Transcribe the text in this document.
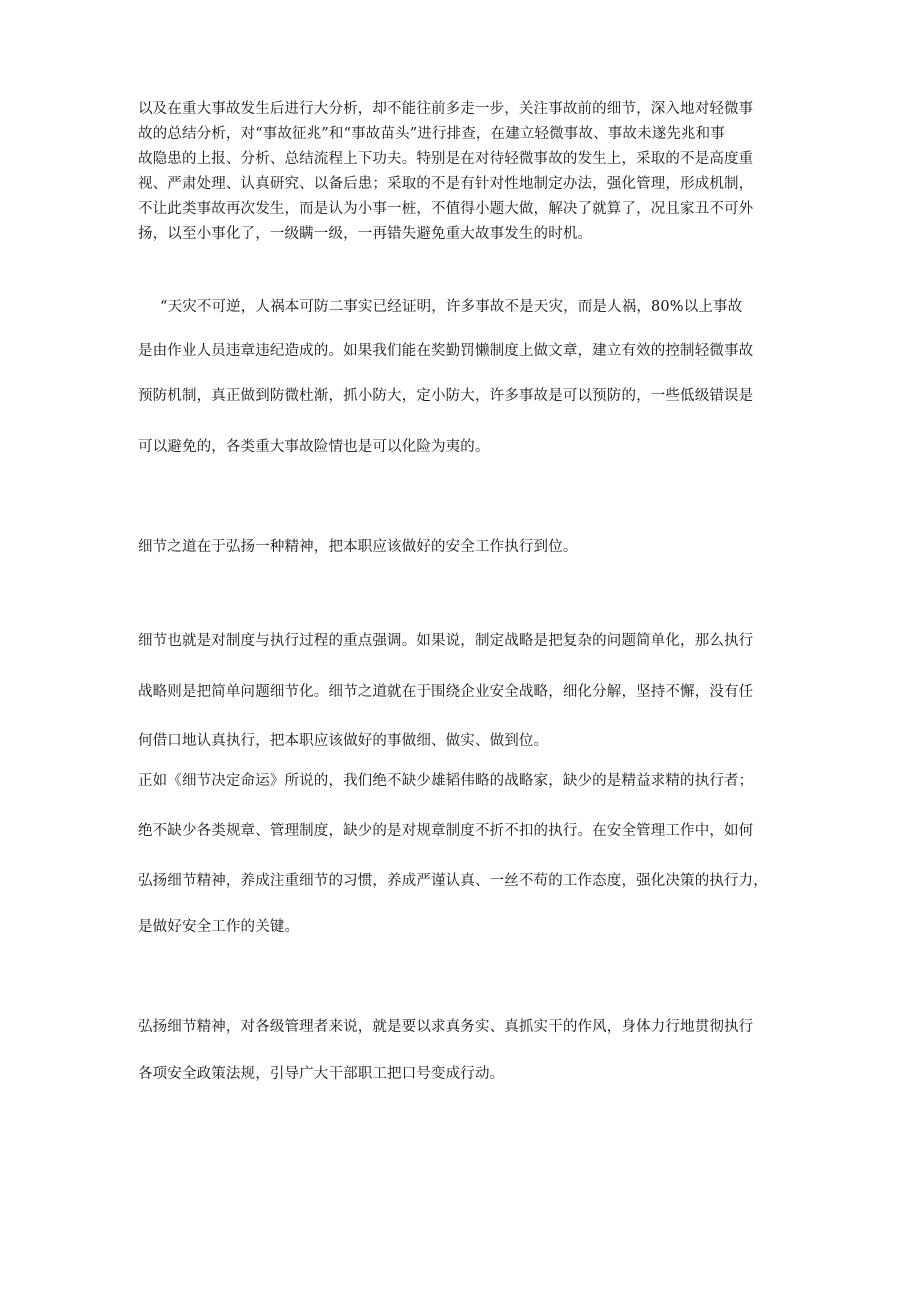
以及在重大事故发生后进行大分析，却不能往前多走一步，关注事故前的细节，深入地对轻微事
故的总结分析，对“事故征兆”和“事故苗头”进行排查，在建立轻微事故、事故未遂先兆和事
故隐患的上报、分析、总结流程上下功夫。特别是在对待轻微事故的发生上，采取的不是高度重
视、严肃处理、认真研究、以备后患；采取的不是有针对性地制定办法，强化管理，形成机制，
不让此类事故再次发生，而是认为小事一桩，不值得小题大做，解决了就算了，况且家丑不可外
扬，以至小事化了，一级瞒一级，一再错失避免重大故事发生的时机。
“天灾不可逆，人祸本可防二事实已经证明，许多事故不是天灾，而是人祸，80%以上事故
是由作业人员违章违纪造成的。如果我们能在奖勤罚懒制度上做文章，建立有效的控制轻微事故
预防机制，真正做到防微杜渐，抓小防大，定小防大，许多事故是可以预防的，一些低级错误是
可以避免的，各类重大事故险情也是可以化险为夷的。
细节之道在于弘扬一种精神，把本职应该做好的安全工作执行到位。
细节也就是对制度与执行过程的重点强调。如果说，制定战略是把复杂的问题简单化，那么执行
战略则是把简单问题细节化。细节之道就在于围绕企业安全战略，细化分解，坚持不懈，没有任
何借口地认真执行，把本职应该做好的事做细、做实、做到位。
正如《细节决定命运》所说的，我们绝不缺少雄韬伟略的战略家，缺少的是精益求精的执行者；
绝不缺少各类规章、管理制度，缺少的是对规章制度不折不扣的执行。在安全管理工作中，如何
弘扬细节精神，养成注重细节的习惯，养成严谨认真、一丝不苟的工作态度，强化决策的执行力，
是做好安全工作的关键。
弘扬细节精神，对各级管理者来说，就是要以求真务实、真抓实干的作风，身体力行地贯彻执行
各项安全政策法规，引导广大干部职工把口号变成行动。
